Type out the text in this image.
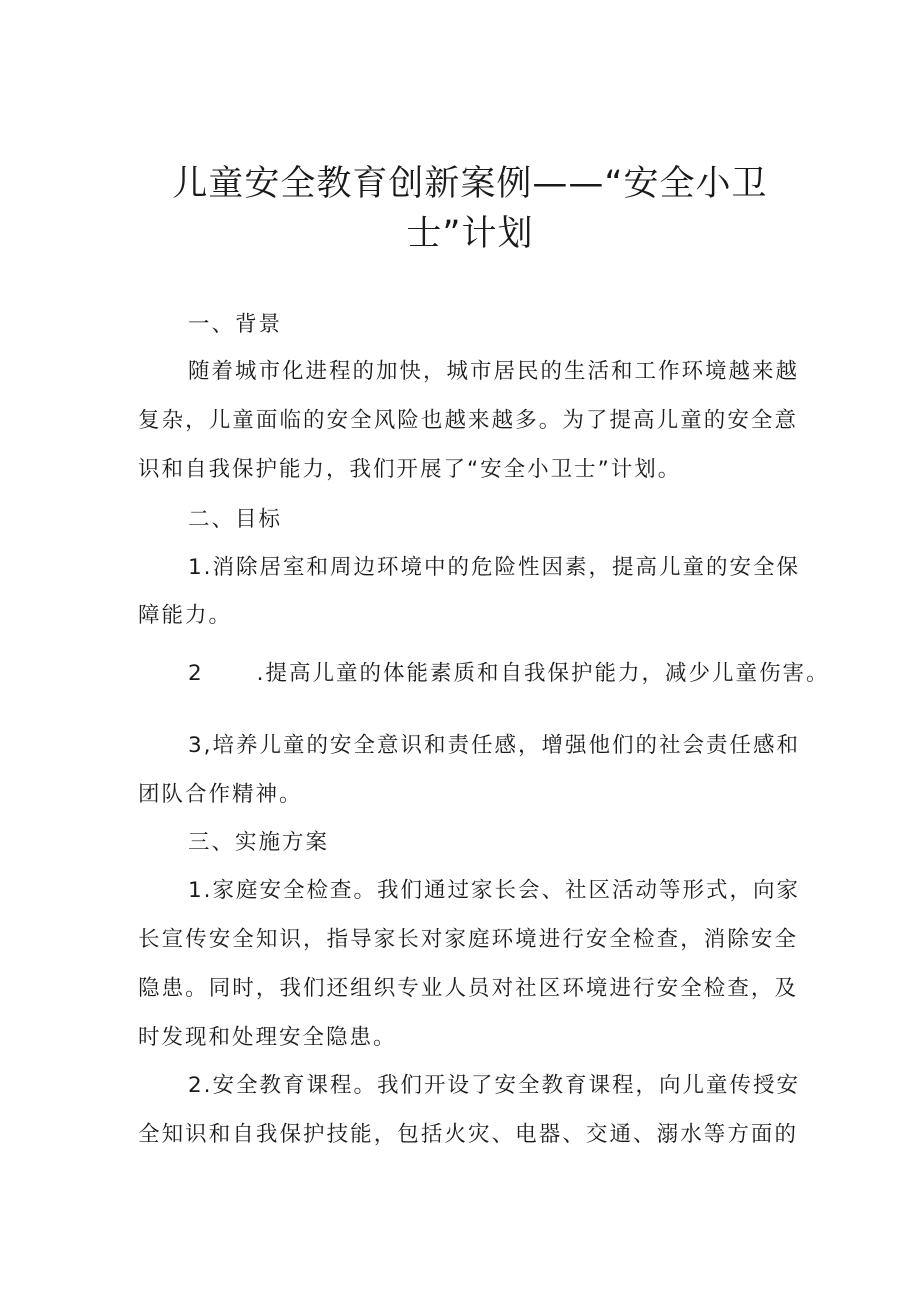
儿童安全教育创新案例——“安全小卫
士”计划

一、背景

随着城市化进程的加快，城市居民的生活和工作环境越来越

复杂，儿童面临的安全风险也越来越多。为了提高儿童的安全意

识和自我保护能力，我们开展了“安全小卫士”计划。

二、目标

1.消除居室和周边环境中的危险性因素，提高儿童的安全保

障能力。

2      .提高儿童的体能素质和自我保护能力，减少儿童伤害。

3,培养儿童的安全意识和责任感，增强他们的社会责任感和

团队合作精神。

三、实施方案

1.家庭安全检查。我们通过家长会、社区活动等形式，向家

长宣传安全知识，指导家长对家庭环境进行安全检查，消除安全

隐患。同时，我们还组织专业人员对社区环境进行安全检查，及

时发现和处理安全隐患。

2.安全教育课程。我们开设了安全教育课程，向儿童传授安

全知识和自我保护技能，包括火灾、电器、交通、溺水等方面的
